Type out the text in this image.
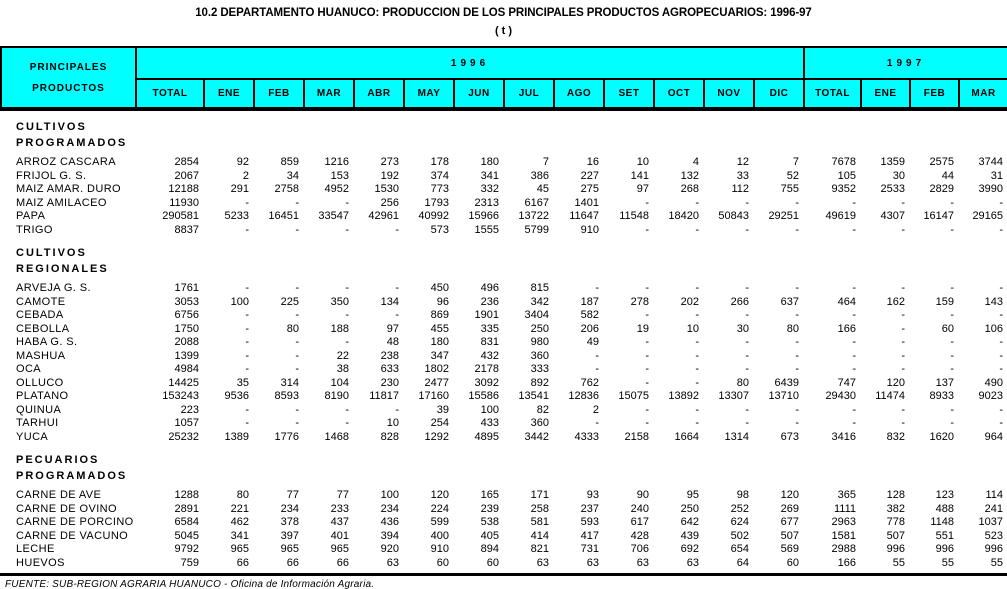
10.2 DEPARTAMENTO HUANUCO: PRODUCCION DE LOS PRINCIPALES PRODUCTOS AGROPECUARIOS: 1996-97
( t )
PRINCIPALES
PRODUCTOS	1996													1997			
	TOTAL	ENE	FEB	MAR	ABR	MAY	JUN	JUL	AGO	SET	OCT	NOV	DIC	TOTAL	ENE	FEB	MAR
CULTIVOS																	
PROGRAMADOS																	

ARROZ CASCARA	2854	92	859	1216	273	178	180	7	16	10	4	12	7	7678	1359	2575	3744
FRIJOL G. S.	2067	2	34	153	192	374	341	386	227	141	132	33	52	105	30	44	31
MAIZ AMAR. DURO	12188	291	2758	4952	1530	773	332	45	275	97	268	112	755	9352	2533	2829	3990
MAIZ AMILACEO	11930	-	-	-	256	1793	2313	6167	1401	-	-	-	-	-	-	-	-
PAPA	290581	5233	16451	33547	42961	40992	15966	13722	11647	11548	18420	50843	29251	49619	4307	16147	29165
TRIGO	8837	-	-	-	-	573	1555	5799	910	-	-	-	-	-	-	-	-
CULTIVOS																	
REGIONALES																	

ARVEJA G. S.	1761	-	-	-	-	450	496	815	-	-	-	-	-	-	-	-	-
CAMOTE	3053	100	225	350	134	96	236	342	187	278	202	266	637	464	162	159	143
CEBADA	6756	-	-	-	-	869	1901	3404	582	-	-	-	-	-	-	-	-
CEBOLLA	1750	-	80	188	97	455	335	250	206	19	10	30	80	166	-	60	106
HABA G. S.	2088	-	-	-	48	180	831	980	49	-	-	-	-	-	-	-	-
MASHUA	1399	-	-	22	238	347	432	360	-	-	-	-	-	-	-	-	-
OCA	4984	-	-	38	633	1802	2178	333	-	-	-	-	-	-	-	-	-
OLLUCO	14425	35	314	104	230	2477	3092	892	762	-	-	80	6439	747	120	137	490
PLATANO	153243	9536	8593	8190	11817	17160	15586	13541	12836	15075	13892	13307	13710	29430	11474	8933	9023
QUINUA	223	-	-	-	-	39	100	82	2	-	-	-	-	-	-	-	-
TARHUI	1057	-	-	-	10	254	433	360	-	-	-	-	-	-	-	-	-
YUCA	25232	1389	1776	1468	828	1292	4895	3442	4333	2158	1664	1314	673	3416	832	1620	964
PECUARIOS																	
PROGRAMADOS																	

CARNE DE AVE	1288	80	77	77	100	120	165	171	93	90	95	98	120	365	128	123	114
CARNE DE OVINO	2891	221	234	233	234	224	239	258	237	240	250	252	269	1111	382	488	241
CARNE DE PORCINO	6584	462	378	437	436	599	538	581	593	617	642	624	677	2963	778	1148	1037
CARNE DE VACUNO	5045	341	397	401	394	400	405	414	417	428	439	502	507	1581	507	551	523
LECHE	9792	965	965	965	920	910	894	821	731	706	692	654	569	2988	996	996	996
HUEVOS	759	66	66	66	63	60	60	63	63	63	63	64	60	166	55	55	55
FUENTE: SUB-REGION AGRARIA HUANUCO - Oficina de Información Agraria.
